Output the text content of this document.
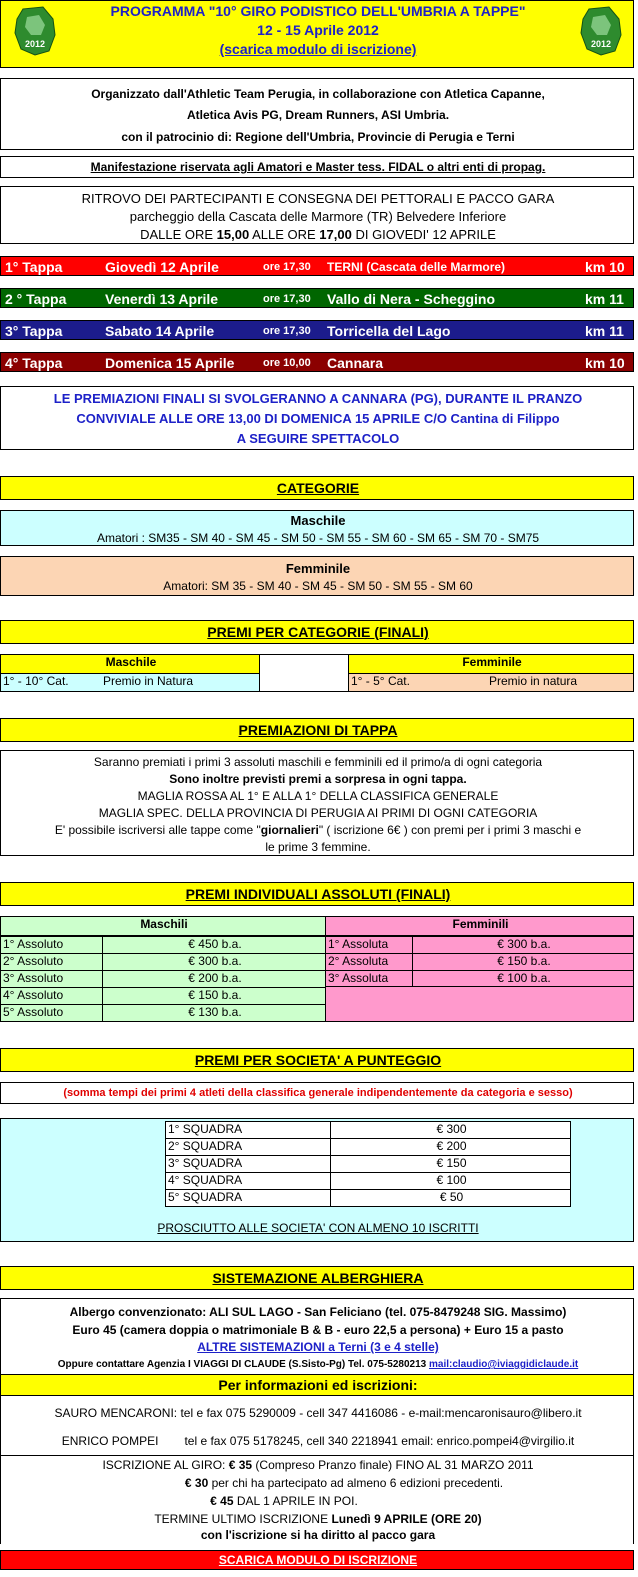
2012
PROGRAMMA "10° GIRO PODISTICO DELL'UMBRIA A TAPPE"
12 - 15 Aprile 2012
(scarica modulo di iscrizione)	2012
Organizzato dall'Athletic Team Perugia, in collaborazione con Atletica Capanne,
Atletica Avis PG, Dream Runners, ASI Umbria.
con il patrocinio di: Regione dell'Umbria, Provincie di Perugia e Terni
Manifestazione riservata agli Amatori e Master tess. FIDAL o altri enti di propag.
RITROVO DEI PARTECIPANTI E CONSEGNA DEI PETTORALI E PACCO GARA
parcheggio della Cascata delle Marmore (TR) Belvedere Inferiore
DALLE ORE 15,00 ALLE ORE 17,00 DI GIOVEDI' 12 APRILE
1° Tappa	Giovedì 12 Aprile	ore 17,30 TERNI (Cascata delle Marmore)	km 10
2 ° Tappa	Venerdì 13 Aprile	ore 17,30 Vallo di Nera - Scheggino	km 11
3° Tappa	Sabato 14 Aprile	ore 17,30 Torricella del Lago	km 11
4° Tappa	Domenica 15 Aprile	ore 10,00 Cannara	km 10
LE PREMIAZIONI FINALI SI SVOLGERANNO A CANNARA (PG), DURANTE IL PRANZO
CONVIVIALE ALLE ORE 13,00 DI DOMENICA 15 APRILE C/O Cantina di Filippo
A SEGUIRE SPETTACOLO
CATEGORIE
Maschile
Amatori : SM35 - SM 40 - SM 45 - SM 50 - SM 55 - SM 60 - SM 65 - SM 70 - SM75
Femminile
Amatori: SM 35 - SM 40 - SM 45 - SM 50 - SM 55 - SM 60
PREMI PER CATEGORIE (FINALI)
Maschile
1° - 10° Cat.	Premio in Natura
Femminile
1° - 5° Cat.	Premio in natura
PREMIAZIONI DI TAPPA
Saranno premiati i primi 3 assoluti maschili e femminili ed il primo/a di ogni categoria
Sono inoltre previsti premi a sorpresa in ogni tappa.
MAGLIA ROSSA AL 1° E ALLA 1° DELLA CLASSIFICA GENERALE
MAGLIA SPEC. DELLA PROVINCIA DI PERUGIA AI PRIMI DI OGNI CATEGORIA
E' possibile iscriversi alle tappe come "giornalieri" ( iscrizione 6€ ) con premi per i primi 3 maschi e
le prime 3 femmine.
PREMI INDIVIDUALI ASSOLUTI (FINALI)
Maschili	Femminili
1° Assoluto	€ 450 b.a.
2° Assoluto	€ 300 b.a.
3° Assoluto	€ 200 b.a.
4° Assoluto	€ 150 b.a.
5° Assoluto	€ 130 b.a.
1° Assoluta	€ 300 b.a.
2° Assoluta	€ 150 b.a.
3° Assoluta	€ 100 b.a.
PREMI PER SOCIETA' A PUNTEGGIO
(somma tempi dei primi 4 atleti della classifica generale indipendentemente da categoria e sesso)
1° SQUADRA	€ 300
2° SQUADRA	€ 200
3° SQUADRA	€ 150
4° SQUADRA	€ 100
5° SQUADRA	€ 50
PROSCIUTTO ALLE SOCIETA' CON ALMENO 10 ISCRITTI
SISTEMAZIONE ALBERGHIERA
Albergo convenzionato: ALI SUL LAGO - San Feliciano (tel. 075-8479248 SIG. Massimo)
Euro 45 (camera doppia o matrimoniale B & B - euro 22,5 a persona) + Euro 15 a pasto
ALTRE SISTEMAZIONI a Terni (3 e 4 stelle)
Oppure contattare Agenzia I VIAGGI DI CLAUDE (S.Sisto-Pg) Tel. 075-5280213 mail:claudio@iviaggidiclaude.it
Per informazioni ed iscrizioni:
SAURO MENCARONI: tel e fax 075 5290009 - cell 347 4416086 - e-mail:mencaronisauro@libero.it
ENRICO POMPEI tel e fax 075 5178245, cell 340 2218941 email: enrico.pompei4@virgilio.it
ISCRIZIONE AL GIRO: € 35 (Compreso Pranzo finale) FINO AL 31 MARZO 2011
€ 30 per chi ha partecipato ad almeno 6 edizioni precedenti.
€ 45 DAL 1 APRILE IN POI.
TERMINE ULTIMO ISCRIZIONE Lunedì 9 APRILE (ORE 20)
con l'iscrizione si ha diritto al pacco gara
SCARICA MODULO DI ISCRIZIONE
